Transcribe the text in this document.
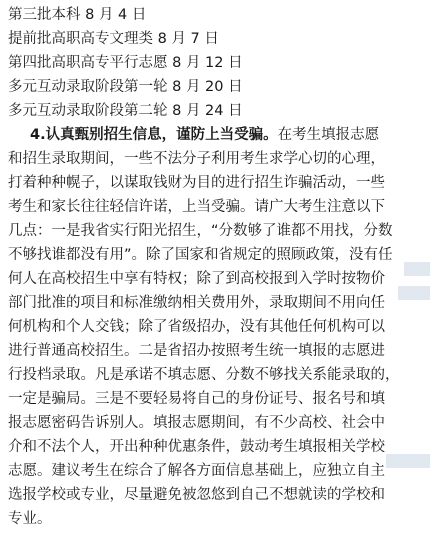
第三批本科 8 月 4 日
提前批高职高专文理类 8 月 7 日
第四批高职高专平行志愿 8 月 12 日
多元互动录取阶段第一轮 8 月 20 日
多元互动录取阶段第二轮 8 月 24 日
4.认真甄别招生信息，谨防上当受骗。在考生填报志愿
和招生录取期间，一些不法分子利用考生求学心切的心理，
打着种种幌子，以谋取钱财为目的进行招生诈骗活动，一些
考生和家长往往轻信许诺，上当受骗。请广大考生注意以下
几点：一是我省实行阳光招生，“分数够了谁都不用找，分数
不够找谁都没有用”。除了国家和省规定的照顾政策，没有任
何人在高校招生中享有特权；除了到高校报到入学时按物价
部门批准的项目和标准缴纳相关费用外，录取期间不用向任
何机构和个人交钱；除了省级招办，没有其他任何机构可以
进行普通高校招生。二是省招办按照考生统一填报的志愿进
行投档录取。凡是承诺不填志愿、分数不够找关系能录取的，
一定是骗局。三是不要轻易将自己的身份证号、报名号和填
报志愿密码告诉别人。填报志愿期间，有不少高校、社会中
介和不法个人，开出种种优惠条件，鼓动考生填报相关学校
志愿。建议考生在综合了解各方面信息基础上，应独立自主
选报学校或专业，尽量避免被忽悠到自己不想就读的学校和
专业。
